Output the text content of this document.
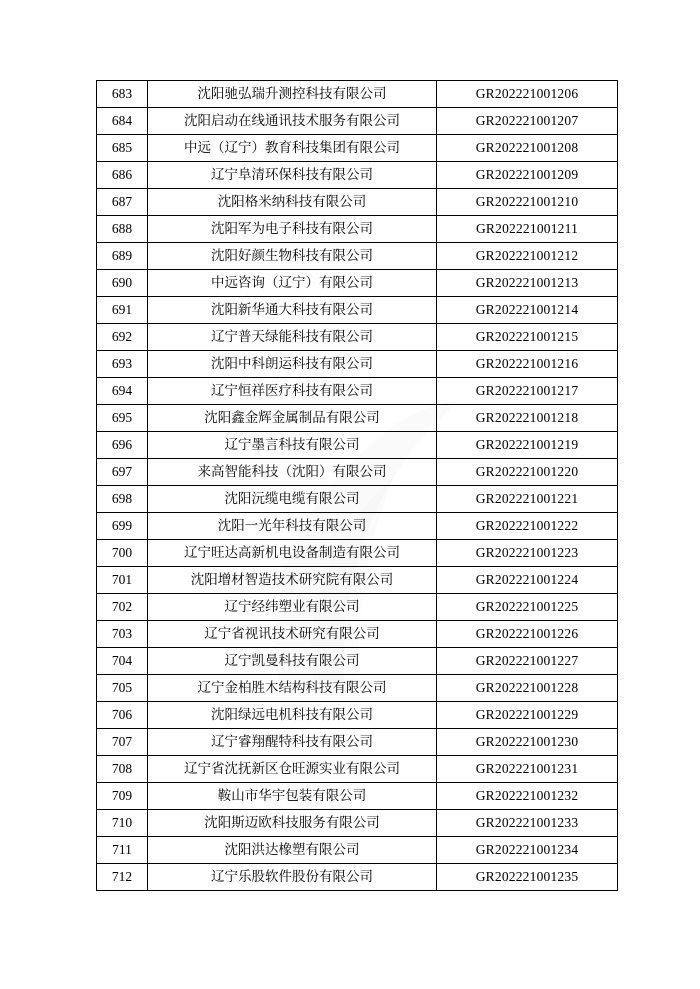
683	沈阳驰弘瑞升测控科技有限公司	GR202221001206
684	沈阳启动在线通讯技术服务有限公司	GR202221001207
685	中远（辽宁）教育科技集团有限公司	GR202221001208
686	辽宁阜清环保科技有限公司	GR202221001209
687	沈阳格米纳科技有限公司	GR202221001210
688	沈阳军为电子科技有限公司	GR202221001211
689	沈阳好颜生物科技有限公司	GR202221001212
690	中远咨询（辽宁）有限公司	GR202221001213
691	沈阳新华通大科技有限公司	GR202221001214
692	辽宁普天绿能科技有限公司	GR202221001215
693	沈阳中科朗运科技有限公司	GR202221001216
694	辽宁恒祥医疗科技有限公司	GR202221001217
695	沈阳鑫金辉金属制品有限公司	GR202221001218
696	辽宁墨言科技有限公司	GR202221001219
697	来高智能科技（沈阳）有限公司	GR202221001220
698	沈阳沅缆电缆有限公司	GR202221001221
699	沈阳一光年科技有限公司	GR202221001222
700	辽宁旺达高新机电设备制造有限公司	GR202221001223
701	沈阳增材智造技术研究院有限公司	GR202221001224
702	辽宁经纬塑业有限公司	GR202221001225
703	辽宁省视讯技术研究有限公司	GR202221001226
704	辽宁凯曼科技有限公司	GR202221001227
705	辽宁金柏胜木结构科技有限公司	GR202221001228
706	沈阳绿远电机科技有限公司	GR202221001229
707	辽宁睿翔醒特科技有限公司	GR202221001230
708	辽宁省沈抚新区仓旺源实业有限公司	GR202221001231
709	鞍山市华宇包装有限公司	GR202221001232
710	沈阳斯迈欧科技服务有限公司	GR202221001233
711	沈阳洪达橡塑有限公司	GR202221001234
712	辽宁乐股软件股份有限公司	GR202221001235
